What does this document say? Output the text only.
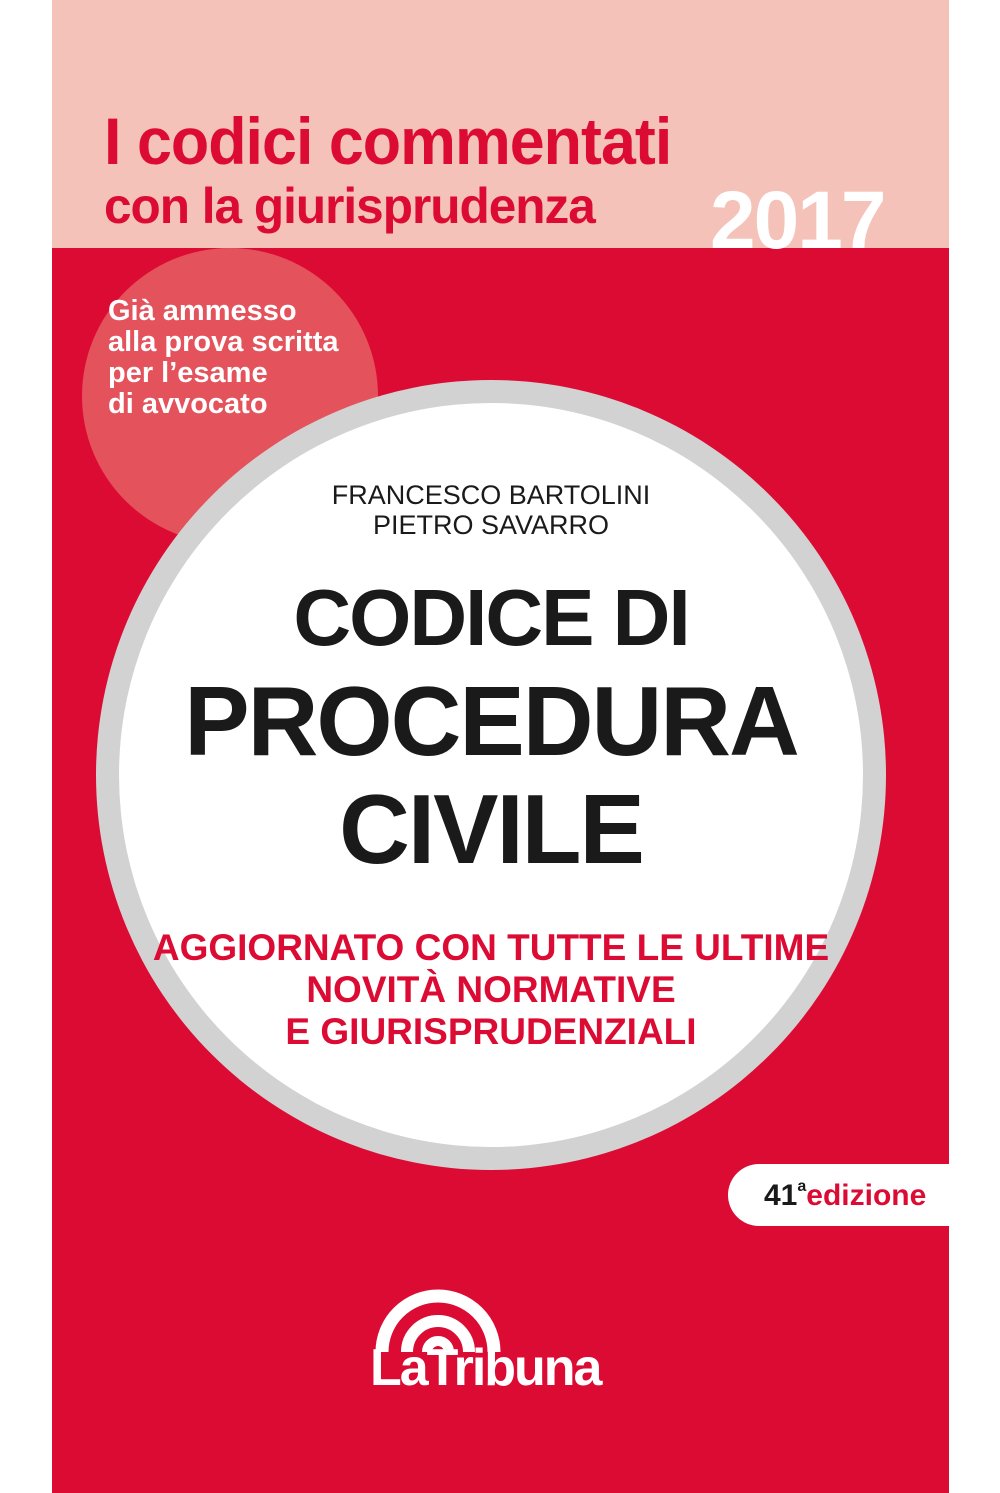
I codici commentati
con la giurisprudenza 2017
Già ammesso
alla prova scritta
per l’esame
di avvocato
FRANCESCO BARTOLINI
PIETRO SAVARRO
CODICE DI
PROCEDURA
CIVILE
AGGIORNATO CON TUTTE LE ULTIME
NOVITÀ NORMATIVE
E GIURISPRUDENZIALI
41$^a$edizione
LaTribuna
